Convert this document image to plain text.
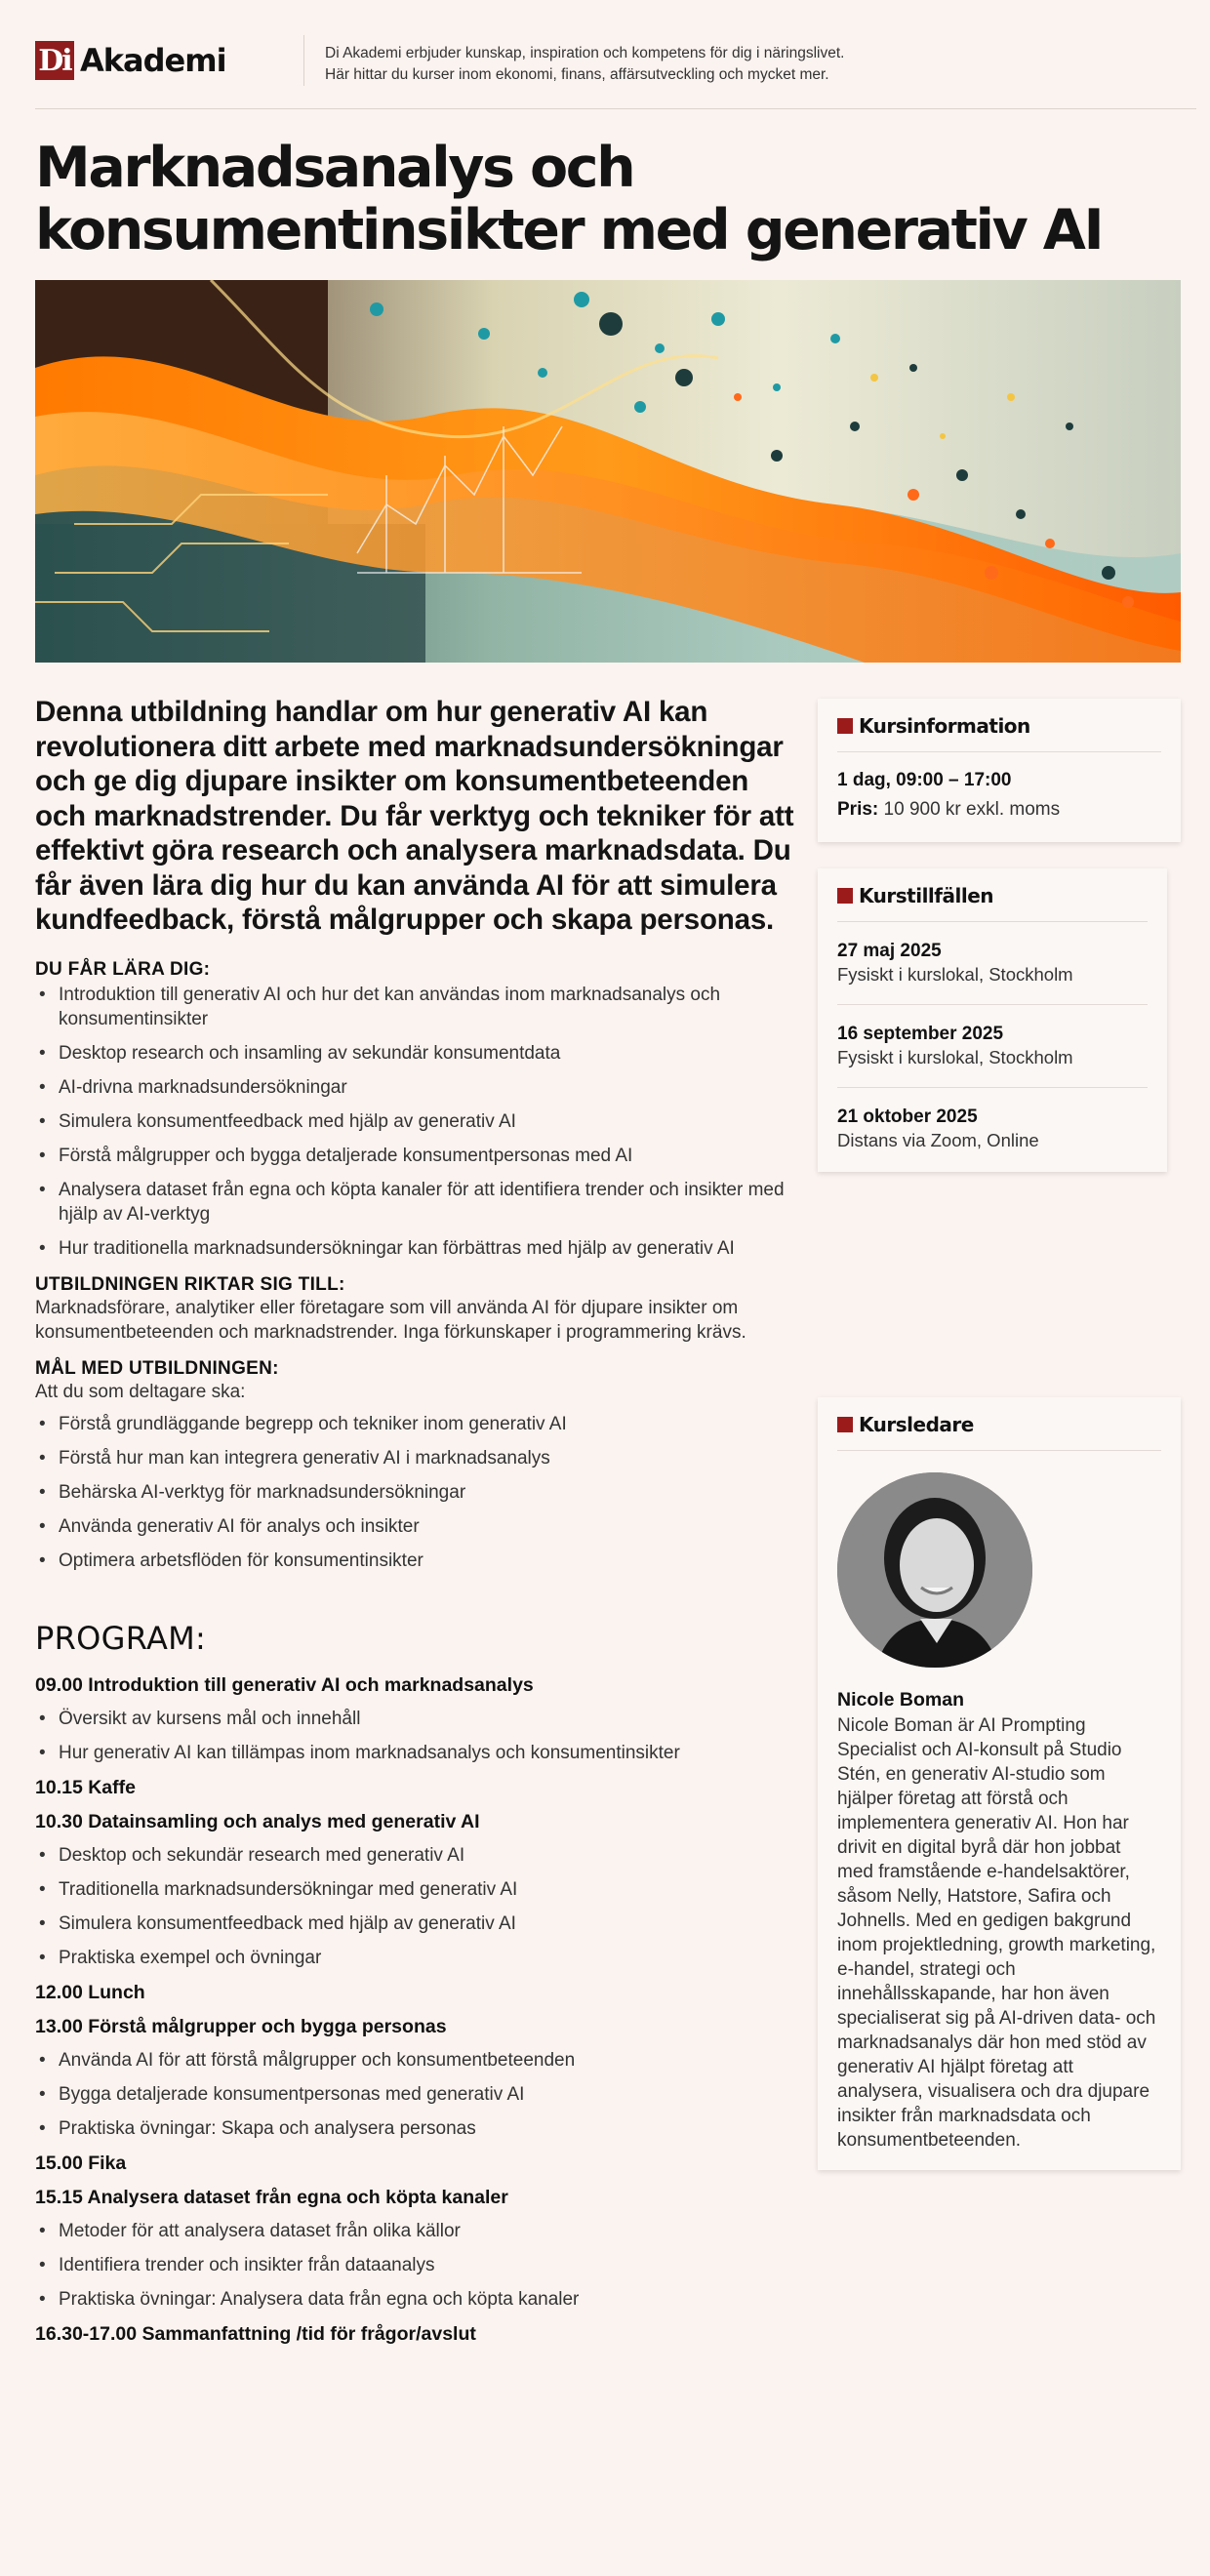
Di Akademi	Di Akademi erbjuder kunskap, inspiration och kompetens för dig i näringslivet.
Här hittar du kurser inom ekonomi, finans, affärsutveckling och mycket mer.
Marknadsanalys och konsumentinsikter med generativ AI

Denna utbildning handlar om hur generativ AI kan revolutionera ditt arbete med marknadsundersökningar och ge dig djupare insikter om konsumentbeteenden och marknadstrender. Du får verktyg och tekniker för att effektivt göra research och analysera marknadsdata. Du får även lära dig hur du kan använda AI för att simulera kundfeedback, förstå målgrupper och skapa personas.

DU FÅR LÄRA DIG:
• Introduktion till generativ AI och hur det kan användas inom marknadsanalys och konsumentinsikter
• Desktop research och insamling av sekundär konsumentdata
• AI-drivna marknadsundersökningar
• Simulera konsumentfeedback med hjälp av generativ AI
• Förstå målgrupper och bygga detaljerade konsumentpersonas med AI
• Analysera dataset från egna och köpta kanaler för att identifiera trender och insikter med hjälp av AI-verktyg
• Hur traditionella marknadsundersökningar kan förbättras med hjälp av generativ AI
UTBILDNINGEN RIKTAR SIG TILL:

Marknadsförare, analytiker eller företagare som vill använda AI för djupare insikter om konsumentbeteenden och marknadstrender. Inga förkunskaper i programmering krävs.

MÅL MED UTBILDNINGEN:

Att du som deltagare ska:

• Förstå grundläggande begrepp och tekniker inom generativ AI
• Förstå hur man kan integrera generativ AI i marknadsanalys
• Behärska AI-verktyg för marknadsundersökningar
• Använda generativ AI för analys och insikter
• Optimera arbetsflöden för konsumentinsikter
PROGRAM:
09.00 Introduktion till generativ AI och marknadsanalys
• Översikt av kursens mål och innehåll
• Hur generativ AI kan tillämpas inom marknadsanalys och konsumentinsikter
10.15 Kaffe
10.30 Datainsamling och analys med generativ AI
• Desktop och sekundär research med generativ AI
• Traditionella marknadsundersökningar med generativ AI
• Simulera konsumentfeedback med hjälp av generativ AI
• Praktiska exempel och övningar
12.00 Lunch
13.00 Förstå målgrupper och bygga personas
• Använda AI för att förstå målgrupper och konsumentbeteenden
• Bygga detaljerade konsumentpersonas med generativ AI
• Praktiska övningar: Skapa och analysera personas
15.00 Fika
15.15 Analysera dataset från egna och köpta kanaler
• Metoder för att analysera dataset från olika källor
• Identifiera trender och insikter från dataanalys
• Praktiska övningar: Analysera data från egna och köpta kanaler
16.30-17.00 Sammanfattning /tid för frågor/avslut
Kursinformation
1 dag, 09:00 – 17:00
Pris: 10 900 kr exkl. moms
Kurstillfällen
27 maj 2025
Fysiskt i kurslokal, Stockholm
16 september 2025
Fysiskt i kurslokal, Stockholm
21 oktober 2025
Distans via Zoom, Online
Kursledare
Nicole Boman

Nicole Boman är AI Prompting Specialist och AI-konsult på Studio Stén, en generativ AI-studio som hjälper företag att förstå och implementera generativ AI. Hon har drivit en digital byrå där hon jobbat med framstående e-handelsaktörer, såsom Nelly, Hatstore, Safira och Johnells. Med en gedigen bakgrund inom projektledning, growth marketing, e-handel, strategi och innehållsskapande, har hon även specialiserat sig på AI-driven data- och marknadsanalys där hon med stöd av generativ AI hjälpt företag att analysera, visualisera och dra djupare insikter från marknadsdata och konsumentbeteenden.
